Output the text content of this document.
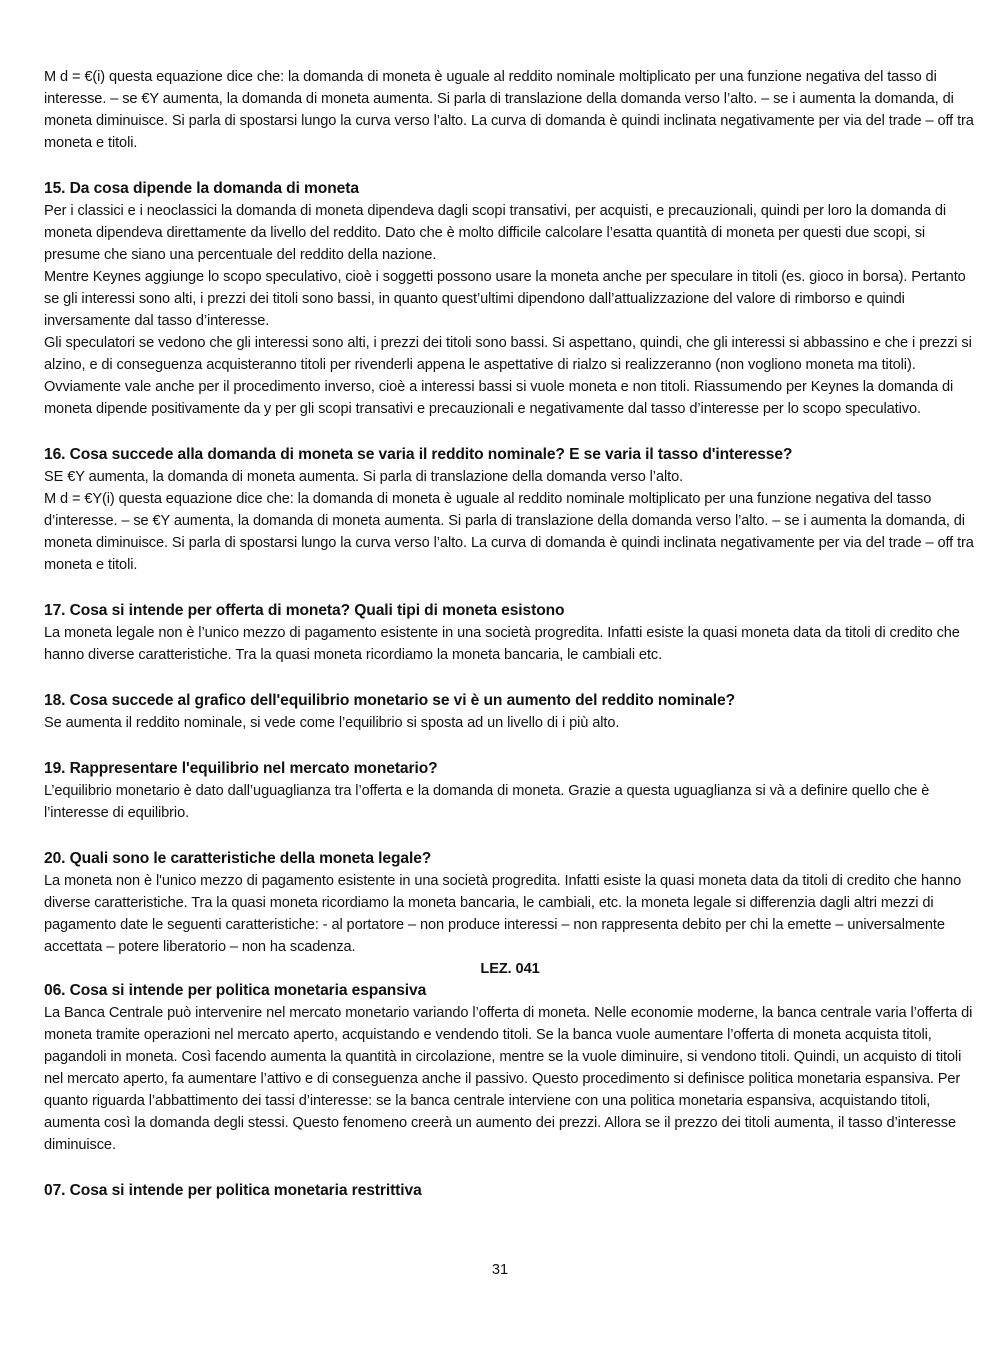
M d = €(i) questa equazione dice che: la domanda di moneta è uguale al reddito nominale moltiplicato per una funzione negativa del tasso di interesse. – se €Y aumenta, la domanda di moneta aumenta. Si parla di translazione della domanda verso l’alto. – se i aumenta la domanda, di moneta diminuisce. Si parla di spostarsi lungo la curva verso l’alto. La curva di domanda è quindi inclinata negativamente per via del trade – off tra moneta e titoli.

15. Da cosa dipende la domanda di moneta

Per i classici e i neoclassici la domanda di moneta dipendeva dagli scopi transativi, per acquisti, e precauzionali, quindi per loro la domanda di moneta dipendeva direttamente da livello del reddito. Dato che è molto difficile calcolare l’esatta quantità di moneta per questi due scopi, si presume che siano una percentuale del reddito della nazione.

Mentre Keynes aggiunge lo scopo speculativo, cioè i soggetti possono usare la moneta anche per speculare in titoli (es. gioco in borsa). Pertanto se gli interessi sono alti, i prezzi dei titoli sono bassi, in quanto quest’ultimi dipendono dall’attualizzazione del valore di rimborso e quindi inversamente dal tasso d’interesse.

Gli speculatori se vedono che gli interessi sono alti, i prezzi dei titoli sono bassi. Si aspettano, quindi, che gli interessi si abbassino e che i prezzi si alzino, e di conseguenza acquisteranno titoli per rivenderli appena le aspettative di rialzo si realizzeranno (non vogliono moneta ma titoli). Ovviamente vale anche per il procedimento inverso, cioè a interessi bassi si vuole moneta e non titoli. Riassumendo per Keynes la domanda di moneta dipende positivamente da y per gli scopi transativi e precauzionali e negativamente dal tasso d’interesse per lo scopo speculativo.

16. Cosa succede alla domanda di moneta se varia il reddito nominale? E se varia il tasso d'interesse?

SE €Y aumenta, la domanda di moneta aumenta. Si parla di translazione della domanda verso l’alto.

M d = €Y(i) questa equazione dice che: la domanda di moneta è uguale al reddito nominale moltiplicato per una funzione negativa del tasso d’interesse. – se €Y aumenta, la domanda di moneta aumenta. Si parla di translazione della domanda verso l’alto. – se i aumenta la domanda, di moneta diminuisce. Si parla di spostarsi lungo la curva verso l’alto. La curva di domanda è quindi inclinata negativamente per via del trade – off tra moneta e titoli.

17. Cosa si intende per offerta di moneta? Quali tipi di moneta esistono

La moneta legale non è l’unico mezzo di pagamento esistente in una società progredita. Infatti esiste la quasi moneta data da titoli di credito che hanno diverse caratteristiche. Tra la quasi moneta ricordiamo la moneta bancaria, le cambiali etc.

18. Cosa succede al grafico dell'equilibrio monetario se vi è un aumento del reddito nominale?

Se aumenta il reddito nominale, si vede come l’equilibrio si sposta ad un livello di i più alto.

19. Rappresentare l'equilibrio nel mercato monetario?

L’equilibrio monetario è dato dall’uguaglianza tra l’offerta e la domanda di moneta. Grazie a questa uguaglianza si và a definire quello che è l’interesse di equilibrio.

20. Quali sono le caratteristiche della moneta legale?

La moneta non è l'unico mezzo di pagamento esistente in una società progredita. Infatti esiste la quasi moneta data da titoli di credito che hanno diverse caratteristiche. Tra la quasi moneta ricordiamo la moneta bancaria, le cambiali, etc. la moneta legale si differenzia dagli altri mezzi di pagamento date le seguenti caratteristiche: - al portatore – non produce interessi – non rappresenta debito per chi la emette – universalmente accettata – potere liberatorio – non ha scadenza.

LEZ. 041

06. Cosa si intende per politica monetaria espansiva

La Banca Centrale può intervenire nel mercato monetario variando l’offerta di moneta. Nelle economie moderne, la banca centrale varia l’offerta di moneta tramite operazioni nel mercato aperto, acquistando e vendendo titoli. Se la banca vuole aumentare l’offerta di moneta acquista titoli, pagandoli in moneta. Così facendo aumenta la quantità in circolazione, mentre se la vuole diminuire, si vendono titoli. Quindi, un acquisto di titoli nel mercato aperto, fa aumentare l’attivo e di conseguenza anche il passivo. Questo procedimento si definisce politica monetaria espansiva. Per quanto riguarda l’abbattimento dei tassi d’interesse: se la banca centrale interviene con una politica monetaria espansiva, acquistando titoli, aumenta così la domanda degli stessi. Questo fenomeno creerà un aumento dei prezzi. Allora se il prezzo dei titoli aumenta, il tasso d’interesse diminuisce.

07. Cosa si intende per politica monetaria restrittiva

31
